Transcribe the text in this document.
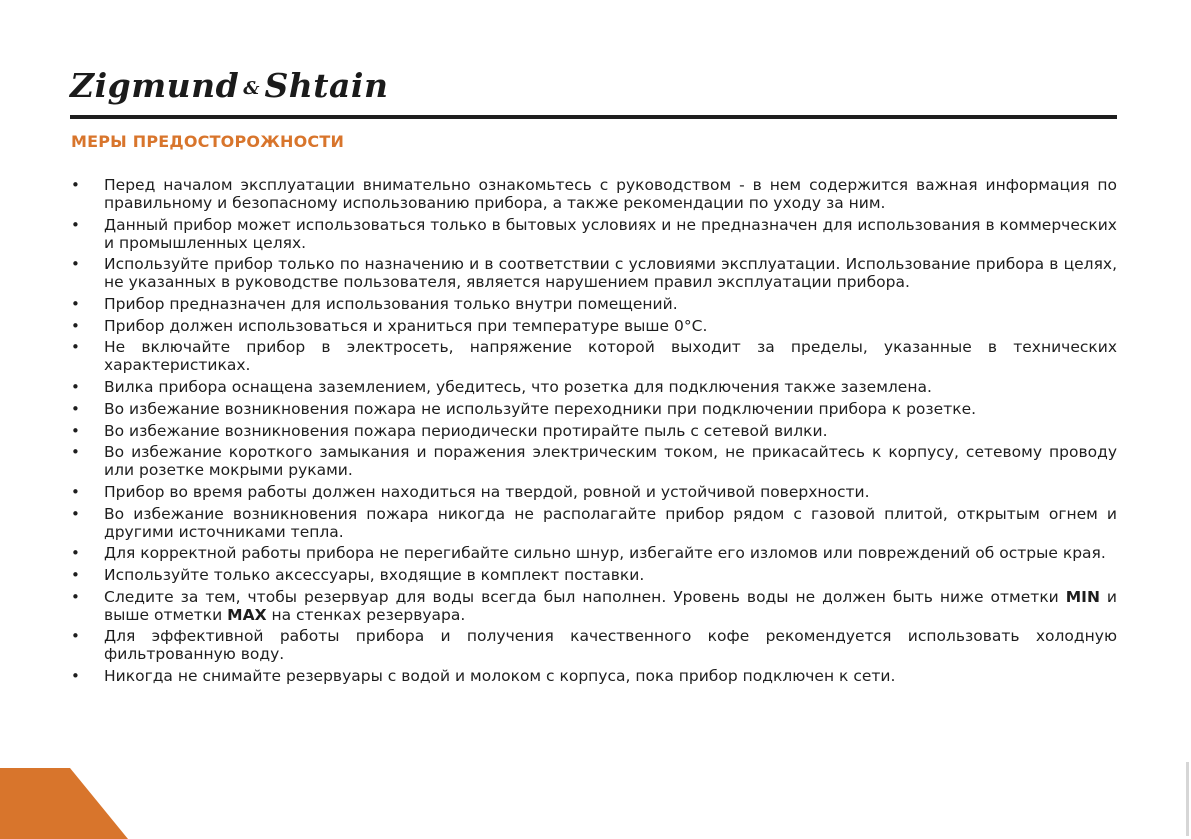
Zigmund & Shtain
МЕРЫ ПРЕДОСТОРОЖНОСТИ
• Перед началом эксплуатации внимательно ознакомьтесь с руководством - в нем содержится важная информация по правильному и безопасному использованию прибора, а также рекомендации по уходу за ним.
• Данный прибор может использоваться только в бытовых условиях и не предназначен для использования в коммерческих и промышленных целях.
• Используйте прибор только по назначению и в соответствии с условиями эксплуатации. Использование прибора в целях, не указанных в руководстве пользователя, является нарушением правил эксплуатации прибора.
• Прибор предназначен для использования только внутри помещений.
• Прибор должен использоваться и храниться при температуре выше 0°C.
• Не включайте прибор в электросеть, напряжение которой выходит за пределы, указанные в технических характеристиках.
• Вилка прибора оснащена заземлением, убедитесь, что розетка для подключения также заземлена.
• Во избежание возникновения пожара не используйте переходники при подключении прибора к розетке.
• Во избежание возникновения пожара периодически протирайте пыль с сетевой вилки.
• Во избежание короткого замыкания и поражения электрическим током, не прикасайтесь к корпусу, сетевому проводу или розетке мокрыми руками.
• Прибор во время работы должен находиться на твердой, ровной и устойчивой поверхности.
• Во избежание возникновения пожара никогда не располагайте прибор рядом с газовой плитой, открытым огнем и другими источниками тепла.
• Для корректной работы прибора не перегибайте сильно шнур, избегайте его изломов или повреждений об острые края.
• Используйте только аксессуары, входящие в комплект поставки.
• Следите за тем, чтобы резервуар для воды всегда был наполнен. Уровень воды не должен быть ниже отметки MIN и выше отметки MAX на стенках резервуара.
• Для эффективной работы прибора и получения качественного кофе рекомендуется использовать холодную фильтрованную воду.
• Никогда не снимайте резервуары с водой и молоком с корпуса, пока прибор подключен к сети.
